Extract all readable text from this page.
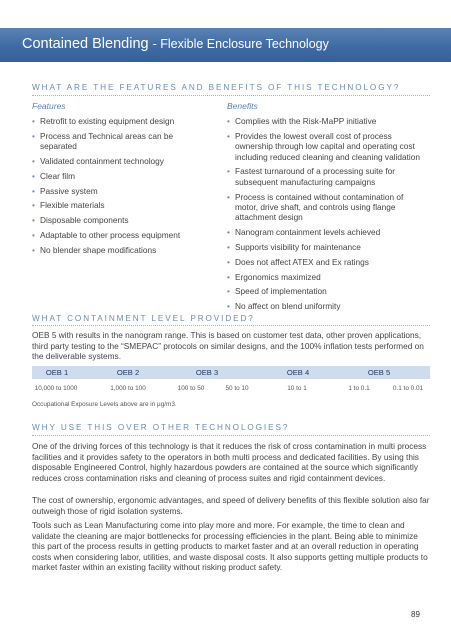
Contained Blending - Flexible Enclosure Technology
WHAT ARE THE FEATURES AND BENEFITS OF THIS TECHNOLOGY?
Features	Benefits
• Retrofit to existing equipment design
• Process and Technical areas can be separated
• Validated containment technology
• Clear film
• Passive system
• Flexible materials
• Disposable components
• Adaptable to other process equipment
• No blender shape modifications
• Complies with the Risk-MaPP initiative
• Provides the lowest overall cost of process ownership through low capital and operating cost including reduced cleaning and cleaning validation
• Fastest turnaround of a processing suite for subsequent manufacturing campaigns
• Process is contained without contamination of motor, drive shaft, and controls using flange attachment design
• Nanogram containment levels achieved
• Supports visibility for maintenance
• Does not affect ATEX and Ex ratings
• Ergonomics maximized
• Speed of implementation
• No affect on blend uniformity
WHAT CONTAINMENT LEVEL PROVIDED?

OEB 5 with results in the nanogram range. This is based on customer test data, other proven applications, third party testing to the “SMEPAC” protocols on similar designs, and the 100% inflation tests performed on the deliverable systems.

OEB 1	OEB 2	OEB 3	OEB 4	OEB 5
10,000 to 1000	1,000 to 100	100 to 50	50 to 10	10 to 1	1 to 0.1	0.1 to 0.01
Occupational Exposure Levels above are in µg/m3.
WHY USE THIS OVER OTHER TECHNOLOGIES?

One of the driving forces of this technology is that it reduces the risk of cross contamination in multi process facilities and it provides safety to the operators in both multi process and dedicated facilities. By using this disposable Engineered Control, highly hazardous powders are contained at the source which significantly reduces cross contamination risks and cleaning of process suites and rigid containment devices.

The cost of ownership, ergonomic advantages, and speed of delivery benefits of this flexible solution also far outweigh those of rigid isolation systems.

Tools such as Lean Manufacturing come into play more and more. For example, the time to clean and validate the cleaning are major bottlenecks for processing efficiencies in the plant. Being able to minimize this part of the process results in getting products to market faster and at an overall reduction in operating costs when considering labor, utilities, and waste disposal costs. It also supports getting multiple products to market faster within an existing facility without risking product safety.

89
